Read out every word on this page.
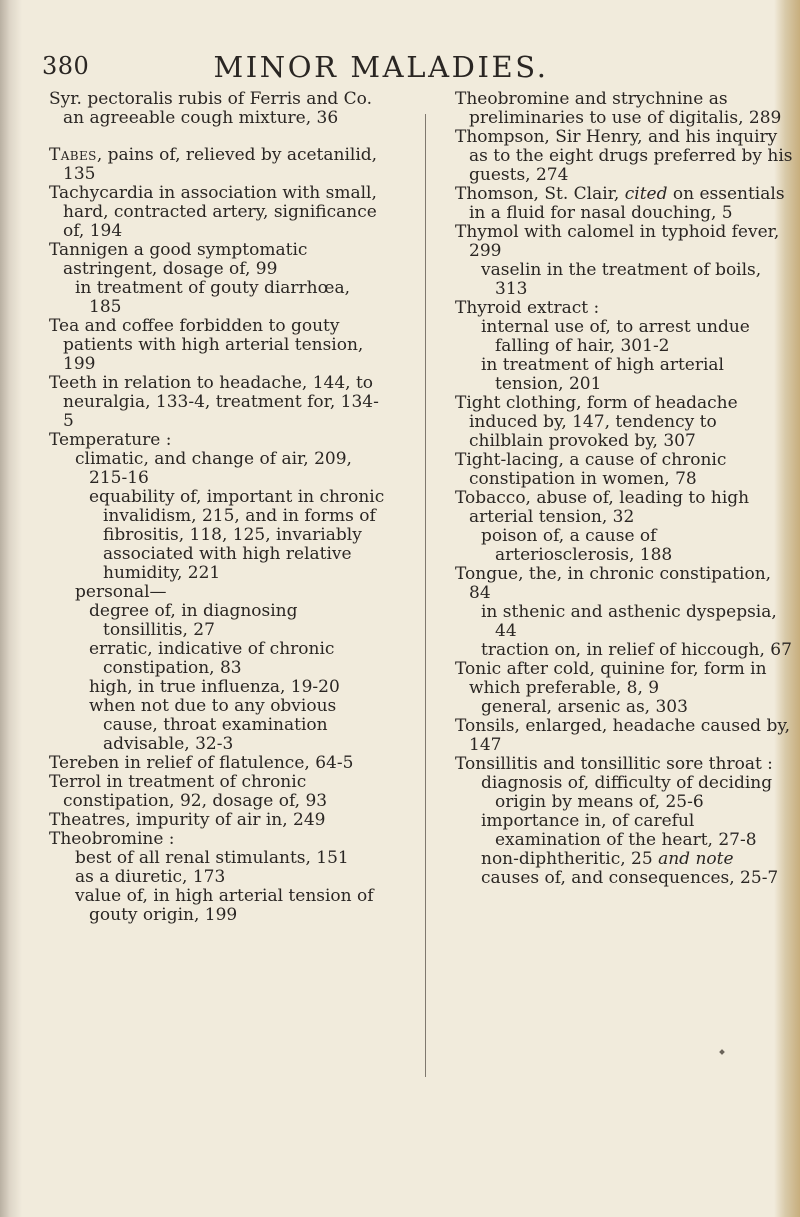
380	MINOR MALADIES.

Syr. pectoralis rubis of Ferris and Co. an agreeable cough mixture, 36

Tabes, pains of, relieved by acetanilid, 135

Tachycardia in association with small, hard, contracted artery, significance of, 194

Tannigen a good symptomatic astringent, dosage of, 99

in treatment of gouty diarrhœa, 185

Tea and coffee forbidden to gouty patients with high arterial tension, 199

Teeth in relation to headache, 144, to neuralgia, 133-4, treatment for, 134-5

Temperature :

climatic, and change of air, 209, 215-16

equability of, important in chronic invalidism, 215, and in forms of fibrositis, 118, 125, invariably associated with high relative humidity, 221

personal—

degree of, in diagnosing tonsillitis, 27

erratic, indicative of chronic constipation, 83

high, in true influenza, 19-20

when not due to any obvious cause, throat examination advisable, 32-3

Tereben in relief of flatulence, 64-5

Terrol in treatment of chronic constipation, 92, dosage of, 93

Theatres, impurity of air in, 249

Theobromine :

best of all renal stimulants, 151

as a diuretic, 173

value of, in high arterial tension of gouty origin, 199

Theobromine and strychnine as preliminaries to use of digitalis, 289

Thompson, Sir Henry, and his inquiry as to the eight drugs preferred by his guests, 274

Thomson, St. Clair, cited on essentials in a fluid for nasal douching, 5

Thymol with calomel in typhoid fever, 299

vaselin in the treatment of boils, 313

Thyroid extract :

internal use of, to arrest undue falling of hair, 301-2

in treatment of high arterial tension, 201

Tight clothing, form of headache induced by, 147, tendency to chilblain provoked by, 307

Tight-lacing, a cause of chronic constipation in women, 78

Tobacco, abuse of, leading to high arterial tension, 32

poison of, a cause of arteriosclerosis, 188

Tongue, the, in chronic constipation, 84

in sthenic and asthenic dyspepsia, 44

traction on, in relief of hiccough, 67

Tonic after cold, quinine for, form in which preferable, 8, 9

general, arsenic as, 303

Tonsils, enlarged, headache caused by, 147

Tonsillitis and tonsillitic sore throat :

diagnosis of, difficulty of deciding origin by means of, 25-6

importance in, of careful examination of the heart, 27-8

non-diphtheritic, 25 and note

causes of, and consequences, 25-7
